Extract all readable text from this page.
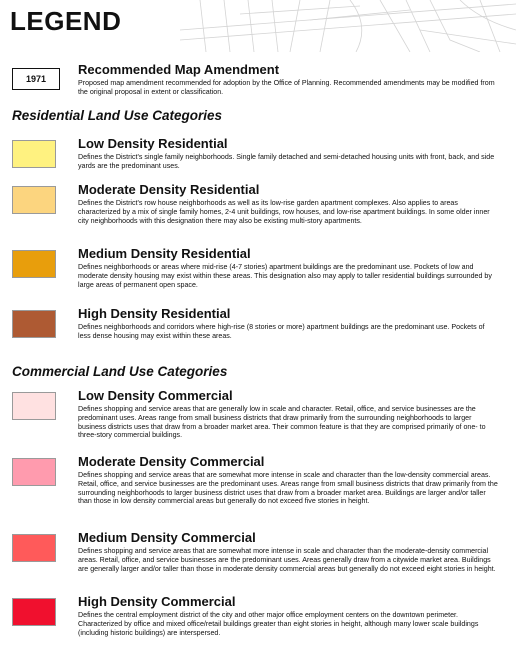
LEGEND
1971

Recommended Map Amendment

Proposed map amendment recommended for adoption by the Office of Planning. Recommended amendments may be modified from the original proposal in extent or classification.

Residential Land Use Categories

Low Density Residential

Defines the District's single family neighborhoods. Single family detached and semi-detached housing units with front, back, and side yards are the predominant uses.

Moderate Density Residential

Defines the District's row house neighborhoods as well as its low-rise garden apartment complexes. Also applies to areas characterized by a mix of single family homes, 2-4 unit buildings, row houses, and low-rise apartment buildings. In some older inner city neighborhoods with this designation there may also be existing multi-story apartments.

Medium Density Residential

Defines neighborhoods or areas where mid-rise (4-7 stories) apartment buildings are the predominant use. Pockets of low and moderate density housing may exist within these areas. This designation also may apply to taller residential buildings surrounded by large areas of permanent open space.

High Density Residential

Defines neighborhoods and corridors where high-rise (8 stories or more) apartment buildings are the predominant use. Pockets of less dense housing may exist within these areas.

Commercial Land Use Categories

Low Density Commercial

Defines shopping and service areas that are generally low in scale and character. Retail, office, and service businesses are the predominant uses. Areas range from small business districts that draw primarily from the surrounding neighborhoods to larger business districts uses that draw from a broader market area. Their common feature is that they are comprised primarily of one- to three-story commercial buildings.

Moderate Density Commercial

Defines shopping and service areas that are somewhat more intense in scale and character than the low-density commercial areas. Retail, office, and service businesses are the predominant uses. Areas range from small business districts that draw primarily from the surrounding neighborhoods to larger business district uses that draw from a broader market area. Buildings are larger and/or taller than those in low density commercial areas but generally do not exceed five stories in height.

Medium Density Commercial

Defines shopping and service areas that are somewhat more intense in scale and character than the moderate-density commercial areas. Retail, office, and service businesses are the predominant uses. Areas generally draw from a citywide market area. Buildings are generally larger and/or taller than those in moderate density commercial areas but generally do not exceed eight stories in height.

High Density Commercial

Defines the central employment district of the city and other major office employment centers on the downtown perimeter. Characterized by office and mixed office/retail buildings greater than eight stories in height, although many lower scale buildings (including historic buildings) are interspersed.
